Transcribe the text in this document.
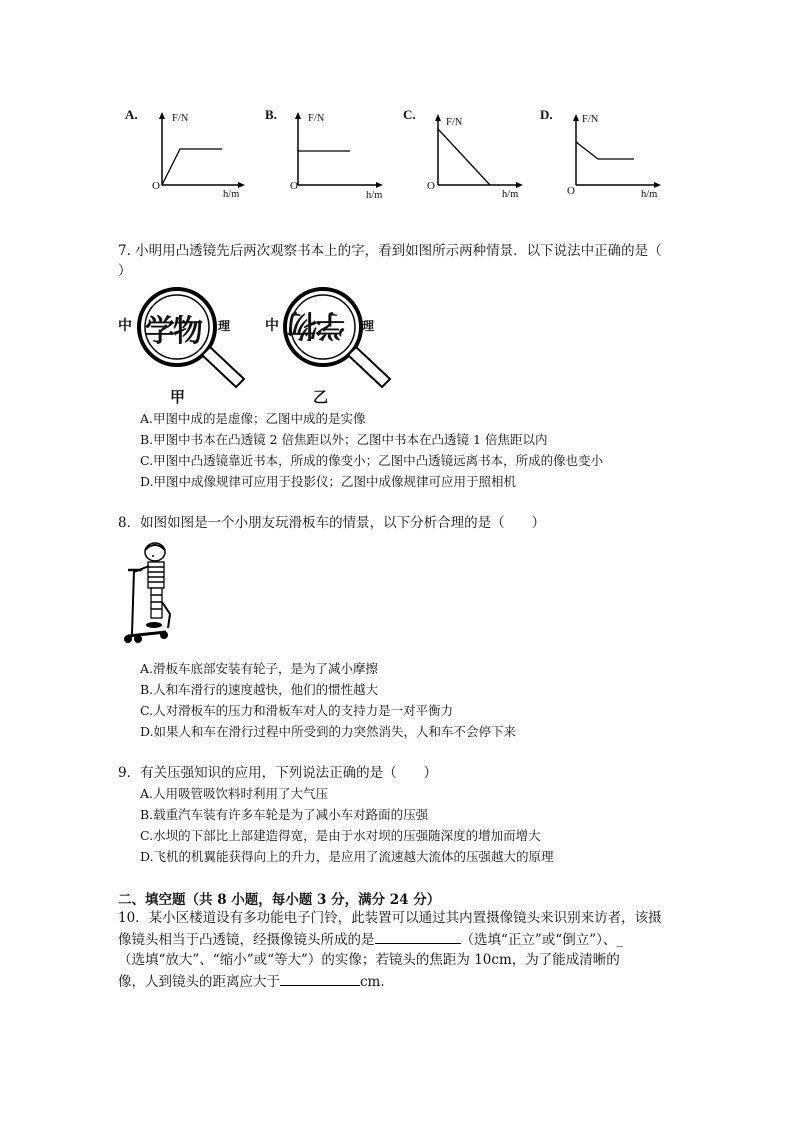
A.	F/N
O
h/m
B.	F/N
O
h/m
C.
F/N
O
h/m
D.	F/N
O	h/m
7. 小明用凸透镜先后两次观察书本上的字，看到如图所示两种情景．以下说法中正确的是（
）
中	理
学物
甲
中	理
学物
乙
A.甲图中成的是虚像；乙图中成的是实像
B.甲图中书本在凸透镜 2 倍焦距以外；乙图中书本在凸透镜 1 倍焦距以内
C.甲图中凸透镜靠近书本，所成的像变小；乙图中凸透镜远离书本，所成的像也变小
D.甲图中成像规律可应用于投影仪；乙图中成像规律可应用于照相机
8．如图如图是一个小朋友玩滑板车的情景，以下分析合理的是（　　）
A.滑板车底部安装有轮子，是为了减小摩擦
B.人和车滑行的速度越快，他们的惯性越大
C.人对滑板车的压力和滑板车对人的支持力是一对平衡力
D.如果人和车在滑行过程中所受到的力突然消失，人和车不会停下来
9．有关压强知识的应用，下列说法正确的是（　　）
A.人用吸管吸饮料时利用了大气压
B.载重汽车装有许多车轮是为了减小车对路面的压强
C.水坝的下部比上部建造得宽，是由于水对坝的压强随深度的增加而增大
D.飞机的机翼能获得向上的升力，是应用了流速越大流体的压强越大的原理
二、填空题（共 8 小题，每小题 3 分，满分 24 分）
10．某小区楼道设有多功能电子门铃，此装置可以通过其内置摄像镜头来识别来访者，该摄
像镜头相当于凸透镜，经摄像镜头所成的是	（选填“正立”或“倒立”）、_
（选填“放大”、“缩小”或“等大”）的实像；若镜头的焦距为 10cm，为了能成清晰的
像，人到镜头的距离应大于	cm.
